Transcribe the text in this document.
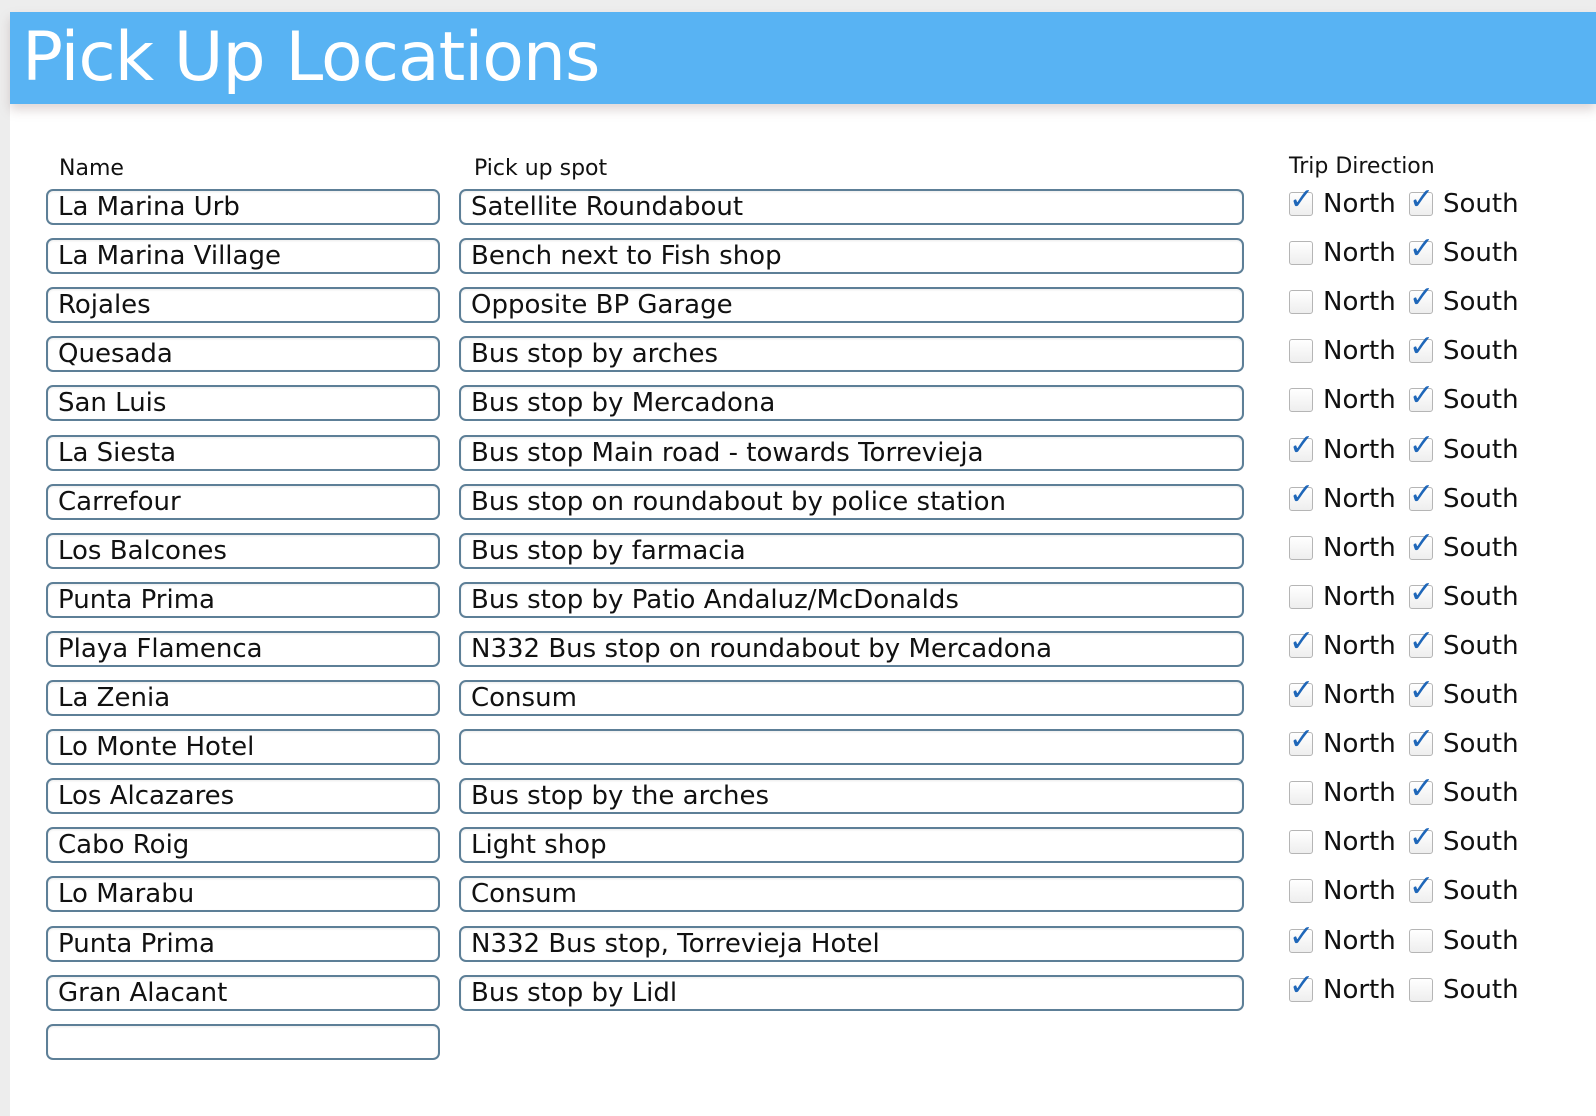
Pick Up Locations
Name	Pick up spot	Trip Direction
La Marina Urb
Satellite Roundabout
✓ North ✓ South
La Marina Village
Bench next to Fish shop
North ✓ South
Rojales
Opposite BP Garage
North ✓ South
Quesada
Bus stop by arches
North ✓ South
San Luis
Bus stop by Mercadona
North ✓ South
La Siesta
Bus stop Main road - towards Torrevieja
✓ North ✓ South
Carrefour
Bus stop on roundabout by police station
✓ North ✓ South
Los Balcones
Bus stop by farmacia
North ✓ South
Punta Prima
Bus stop by Patio Andaluz/McDonalds
North ✓ South
Playa Flamenca
N332 Bus stop on roundabout by Mercadona
✓ North ✓ South
La Zenia
Consum
✓ North ✓ South
Lo Monte Hotel
✓ North ✓ South
Los Alcazares
Bus stop by the arches
North ✓ South
Cabo Roig
Light shop
North ✓ South
Lo Marabu
Consum
North ✓ South
Punta Prima
N332 Bus stop, Torrevieja Hotel
✓ North South
Gran Alacant
Bus stop by Lidl
✓ North South
